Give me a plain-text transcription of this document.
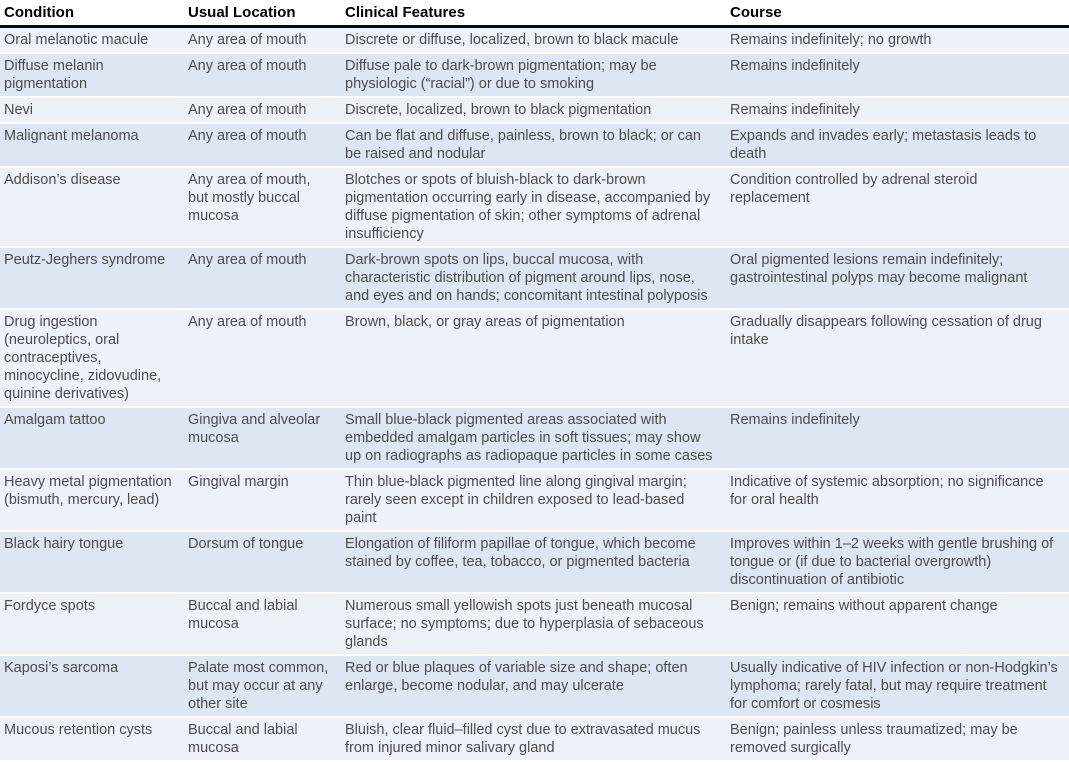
Condition	Usual Location	Clinical Features	Course
Oral melanotic macule	Any area of mouth	Discrete or diffuse, localized, brown to black macule	Remains indefinitely; no growth
Diffuse melanin pigmentation	Any area of mouth	Diffuse pale to dark-brown pigmentation; may be physiologic (“racial”) or due to smoking	Remains indefinitely
Nevi	Any area of mouth	Discrete, localized, brown to black pigmentation	Remains indefinitely
Malignant melanoma	Any area of mouth	Can be flat and diffuse, painless, brown to black; or can be raised and nodular	Expands and invades early; metastasis leads to death
Addison’s disease	Any area of mouth, but mostly buccal mucosa	Blotches or spots of bluish-black to dark-brown pigmentation occurring early in disease, accompanied by diffuse pigmentation of skin; other symptoms of adrenal insufficiency	Condition controlled by adrenal steroid replacement
Peutz-Jeghers syndrome	Any area of mouth	Dark-brown spots on lips, buccal mucosa, with characteristic distribution of pigment around lips, nose, and eyes and on hands; concomitant intestinal polyposis	Oral pigmented lesions remain indefinitely; gastrointestinal polyps may become malignant
Drug ingestion (neuroleptics, oral contraceptives, minocycline, zidovudine, quinine derivatives)	Any area of mouth	Brown, black, or gray areas of pigmentation	Gradually disappears following cessation of drug intake
Amalgam tattoo	Gingiva and alveolar mucosa	Small blue-black pigmented areas associated with embedded amalgam particles in soft tissues; may show up on radiographs as radiopaque particles in some cases	Remains indefinitely
Heavy metal pigmentation (bismuth, mercury, lead)	Gingival margin	Thin blue-black pigmented line along gingival margin; rarely seen except in children exposed to lead-based paint	Indicative of systemic absorption; no significance for oral health
Black hairy tongue	Dorsum of tongue	Elongation of filiform papillae of tongue, which become stained by coffee, tea, tobacco, or pigmented bacteria	Improves within 1–2 weeks with gentle brushing of tongue or (if due to bacterial overgrowth) discontinuation of antibiotic
Fordyce spots	Buccal and labial mucosa	Numerous small yellowish spots just beneath mucosal surface; no symptoms; due to hyperplasia of sebaceous glands	Benign; remains without apparent change
Kaposi’s sarcoma	Palate most common, but may occur at any other site	Red or blue plaques of variable size and shape; often enlarge, become nodular, and may ulcerate	Usually indicative of HIV infection or non-Hodgkin’s lymphoma; rarely fatal, but may require treatment for comfort or cosmesis
Mucous retention cysts	Buccal and labial mucosa	Bluish, clear fluid–filled cyst due to extravasated mucus from injured minor salivary gland	Benign; painless unless traumatized; may be removed surgically
